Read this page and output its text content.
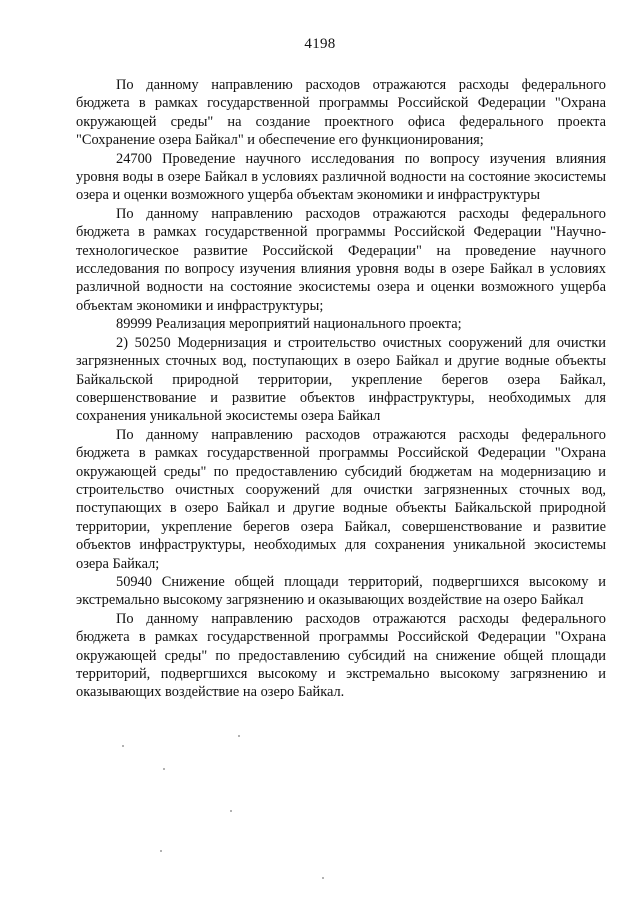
4198

По данному направлению расходов отражаются расходы федерального бюджета в рамках государственной программы Российской Федерации "Охрана окружающей среды" на создание проектного офиса федерального проекта "Сохранение озера Байкал" и обеспечение его функционирования;

24700 Проведение научного исследования по вопросу изучения влияния уровня воды в озере Байкал в условиях различной водности на состояние экосистемы озера и оценки возможного ущерба объектам экономики и инфраструктуры

По данному направлению расходов отражаются расходы федерального бюджета в рамках государственной программы Российской Федерации "Научно-технологическое развитие Российской Федерации" на проведение научного исследования по вопросу изучения влияния уровня воды в озере Байкал в условиях различной водности на состояние экосистемы озера и оценки возможного ущерба объектам экономики и инфраструктуры;

89999 Реализация мероприятий национального проекта;

2) 50250 Модернизация и строительство очистных сооружений для очистки загрязненных сточных вод, поступающих в озеро Байкал и другие водные объекты Байкальской природной территории, укрепление берегов озера Байкал, совершенствование и развитие объектов инфраструктуры, необходимых для сохранения уникальной экосистемы озера Байкал

По данному направлению расходов отражаются расходы федерального бюджета в рамках государственной программы Российской Федерации "Охрана окружающей среды" по предоставлению субсидий бюджетам на модернизацию и строительство очистных сооружений для очистки загрязненных сточных вод, поступающих в озеро Байкал и другие водные объекты Байкальской природной территории, укрепление берегов озера Байкал, совершенствование и развитие объектов инфраструктуры, необходимых для сохранения уникальной экосистемы озера Байкал;

50940 Снижение общей площади территорий, подвергшихся высокому и экстремально высокому загрязнению и оказывающих воздействие на озеро Байкал

По данному направлению расходов отражаются расходы федерального бюджета в рамках государственной программы Российской Федерации "Охрана окружающей среды" по предоставлению субсидий на снижение общей площади территорий, подвергшихся высокому и экстремально высокому загрязнению и оказывающих воздействие на озеро Байкал.
